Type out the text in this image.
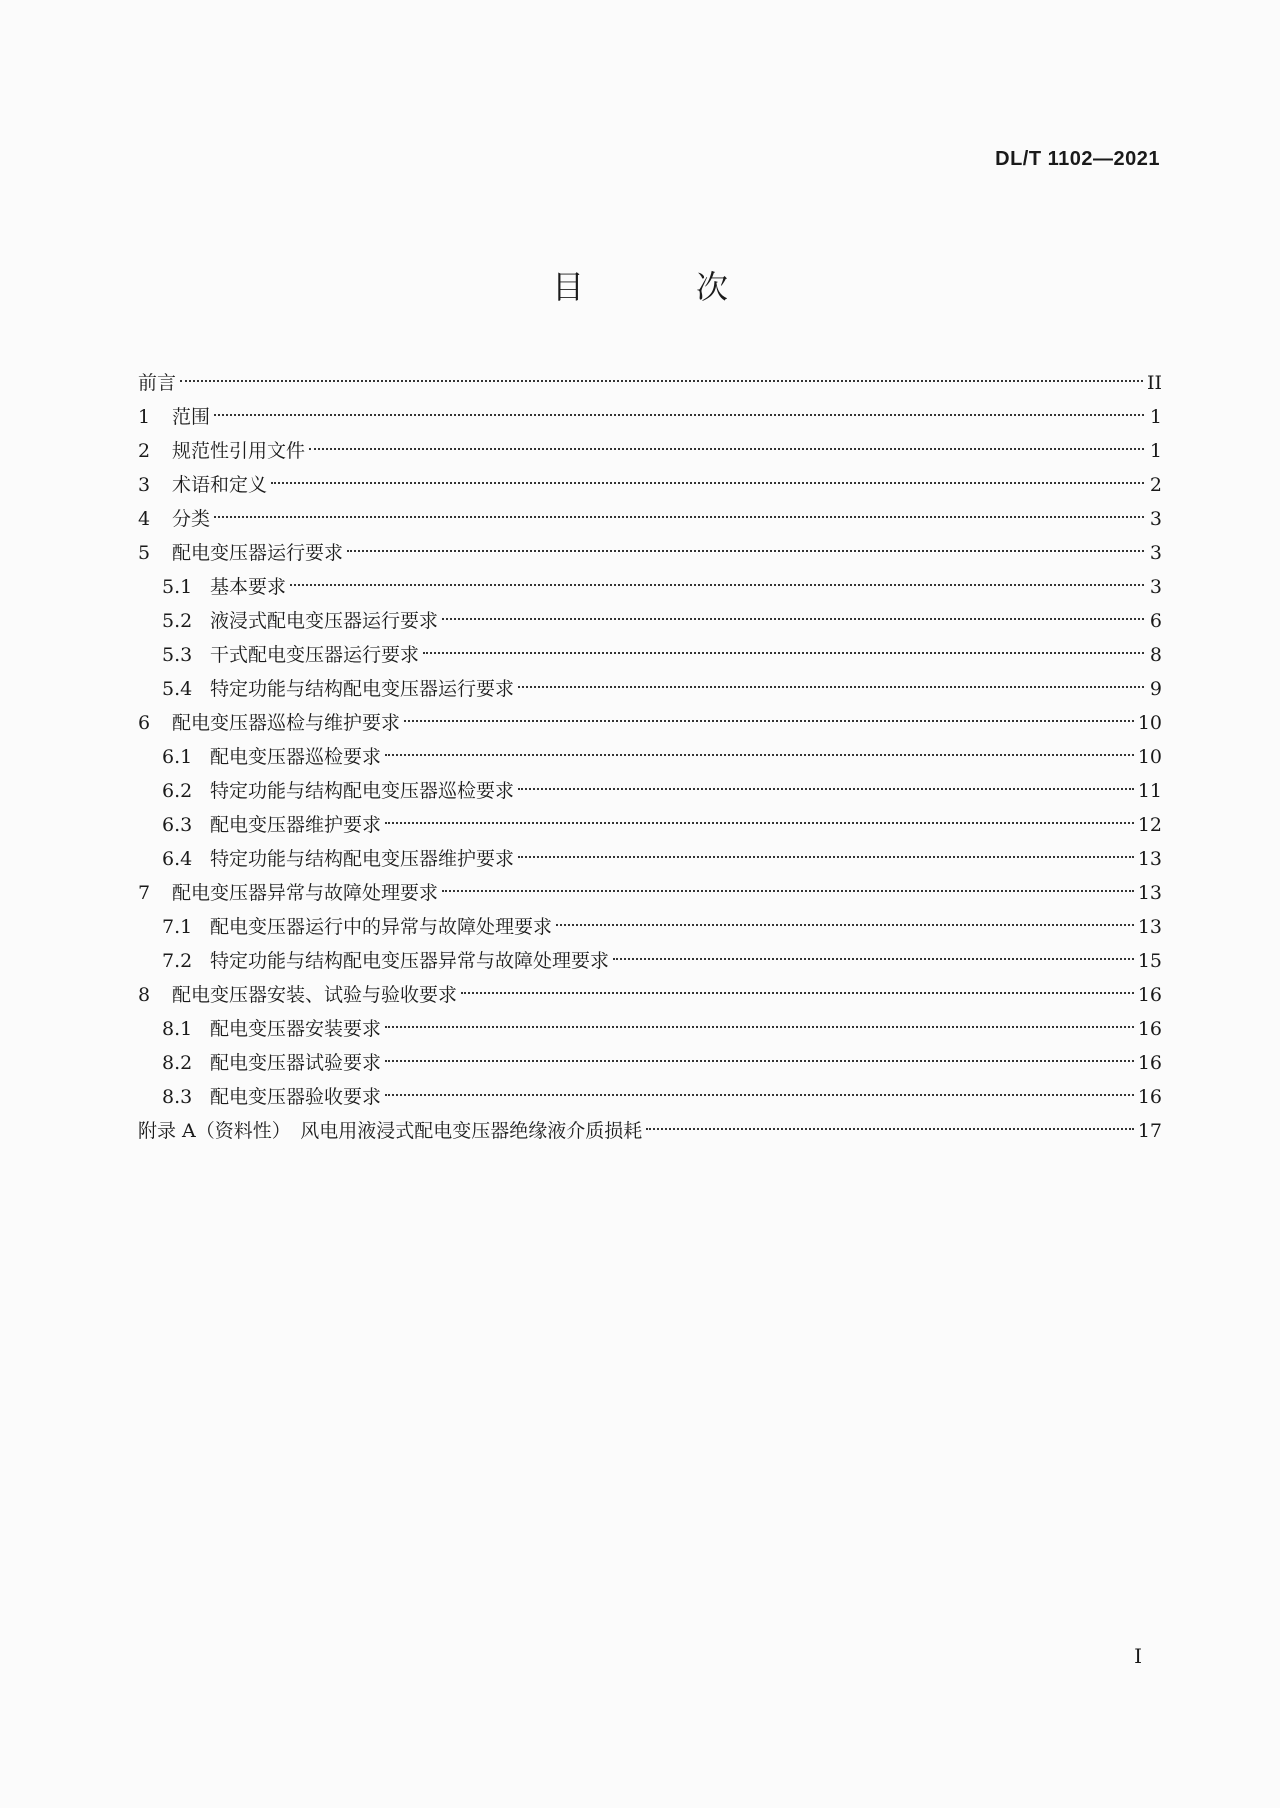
DL/T 1102—2021
目　次
前言	II
1	范围	1
2	规范性引用文件	1
3	术语和定义	2
4	分类	3
5	配电变压器运行要求	3
5.1 基本要求	3
5.2 液浸式配电变压器运行要求	6
5.3 干式配电变压器运行要求	8
5.4 特定功能与结构配电变压器运行要求	9
6	配电变压器巡检与维护要求	10
6.1 配电变压器巡检要求	10
6.2 特定功能与结构配电变压器巡检要求	11
6.3 配电变压器维护要求	12
6.4 特定功能与结构配电变压器维护要求	13
7	配电变压器异常与故障处理要求	13
7.1 配电变压器运行中的异常与故障处理要求	13
7.2 特定功能与结构配电变压器异常与故障处理要求	15
8	配电变压器安装、试验与验收要求	16
8.1 配电变压器安装要求	16
8.2 配电变压器试验要求	16
8.3 配电变压器验收要求	16
附录 A（资料性）　风电用液浸式配电变压器绝缘液介质损耗	17
I
